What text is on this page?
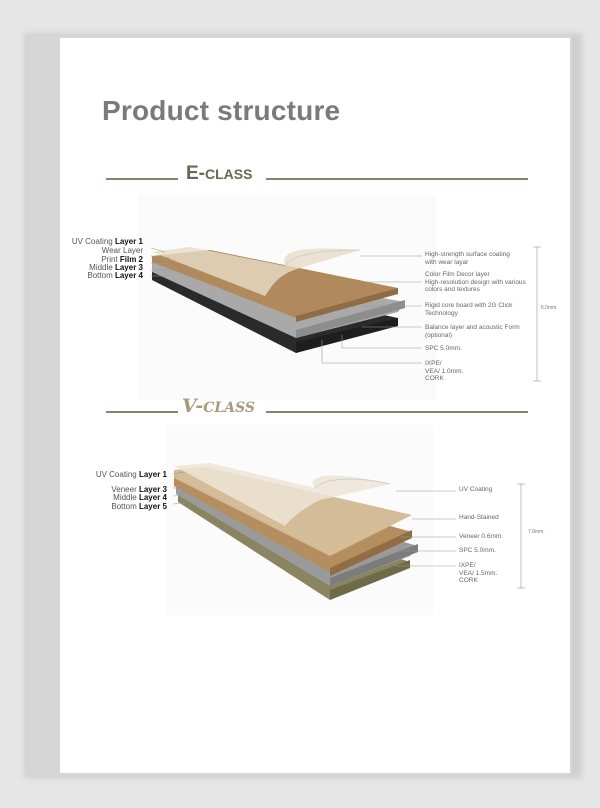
Product structure
E-CLASS
UV Coating Layer 1
Wear Layer
Print Film 2
Middle Layer 3
Bottom Layer 4
High-strength surface coating
with wear layar
Color Film Decor layer
High-resolution design with various
colors and textures
Rigid core board with 2G Click
Technology
Balance layer and acoustic Form
(optional)
SPC 5.0mm.
IXPE/
VEA/ 1.0mm.
CORK
6.0mm.
V-CLASS
UV Coating Layer 1
Veneer Layer 3
Middle Layer 4
Bottom Layer 5
UV Coating
Hand-Stained
Veneer 0.6mm.
SPC 5.0mm.
IXPE/
VEA/ 1.5mm.
CORK
7.0mm.
